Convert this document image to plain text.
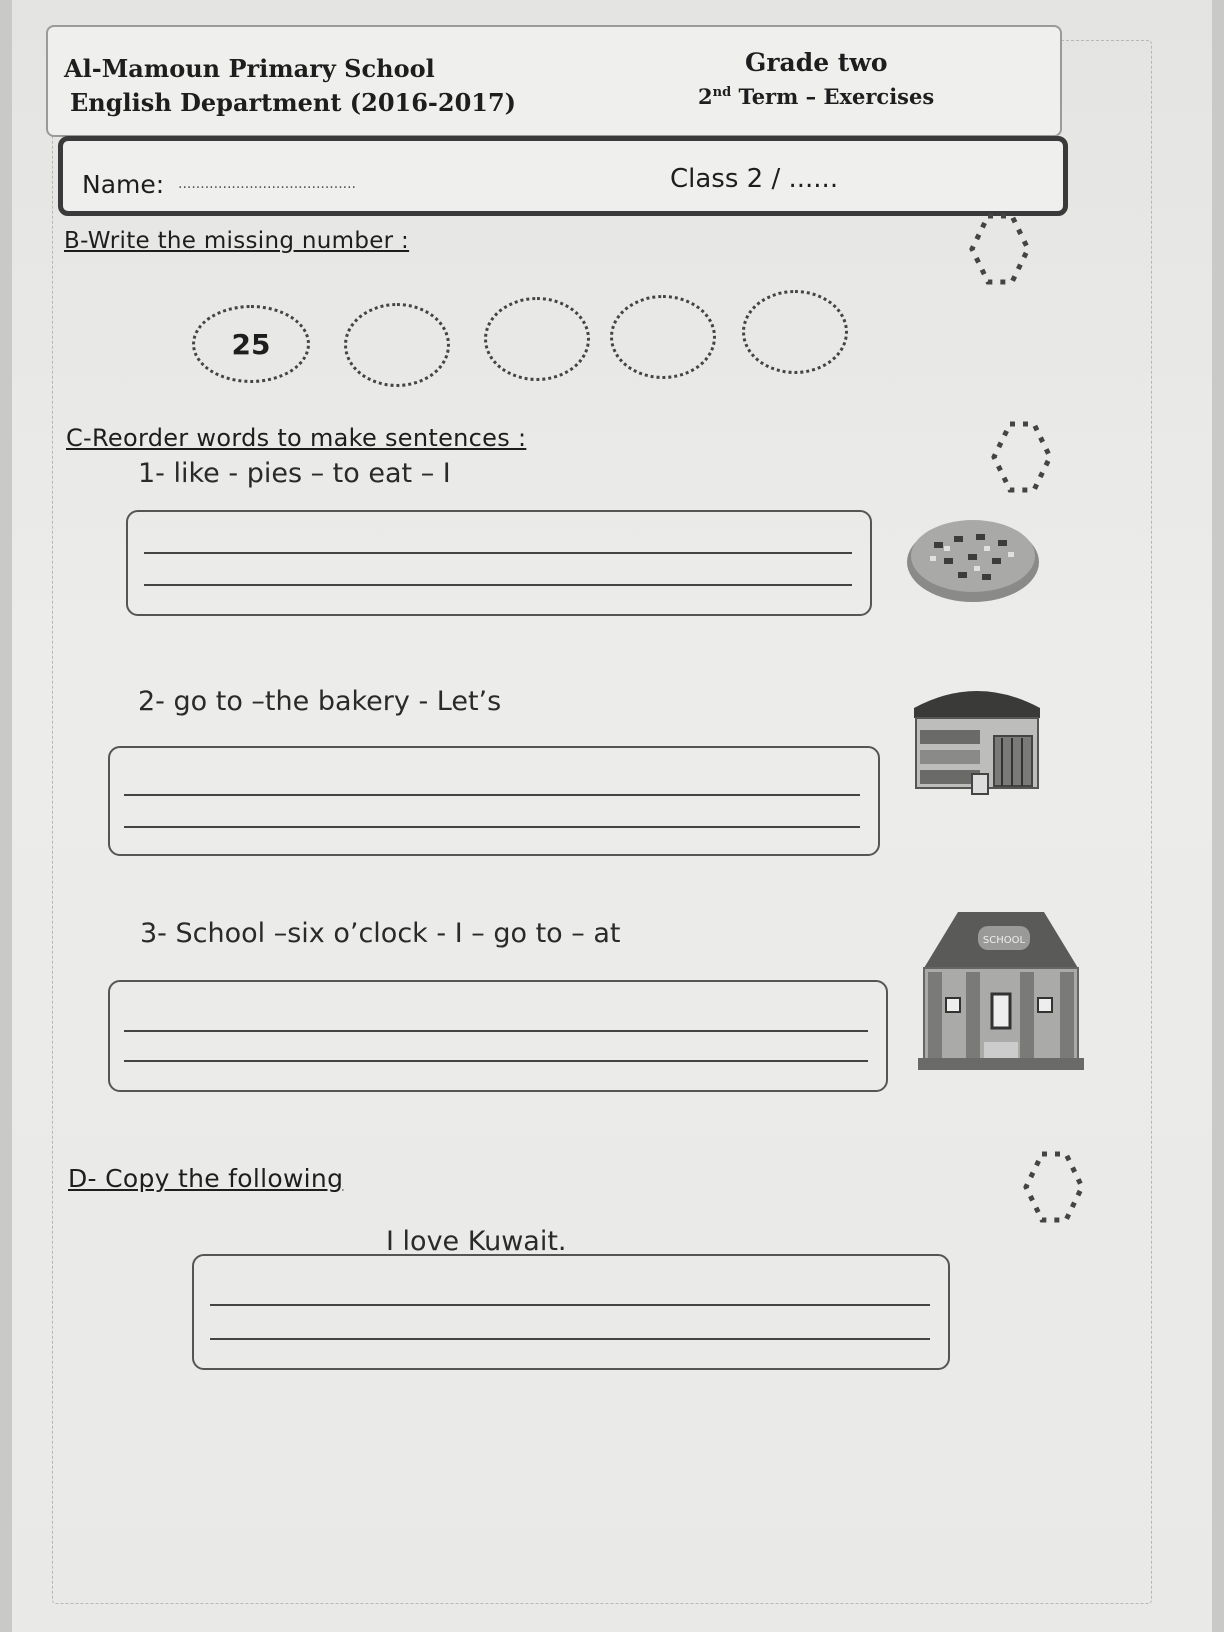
Al-Mamoun Primary School
English Department (2016-2017)
Grade two
2nd Term – Exercises
Name: ........................................	Class 2 / ......
B-Write the missing number :
25
C-Reorder words to make sentences :
1- like - pies – to eat – I
2- go to –the bakery - Let’s
3- School –six o’clock - I – go to – at	SCHOOL
D- Copy the following
I love Kuwait.
